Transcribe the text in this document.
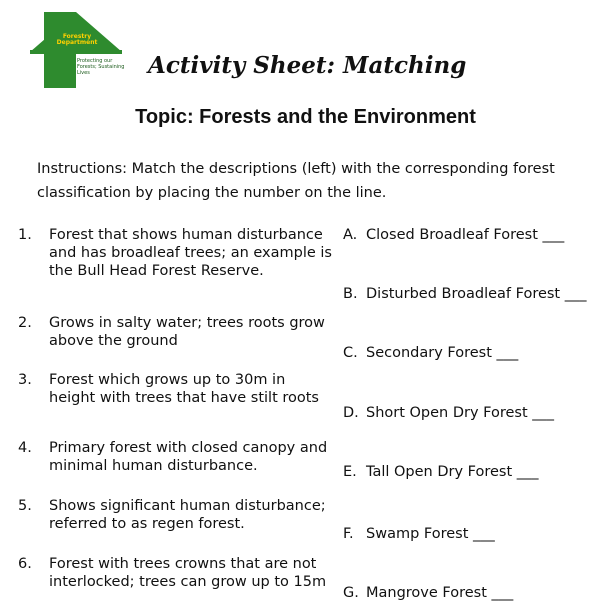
Forestry Department
Protecting our Forests; Sustaining Lives	Activity Sheet: Matching
Topic: Forests and the Environment

Instructions: Match the descriptions (left) with the corresponding forest classification by placing the number on the line.

1.	Forest that shows human disturbance and has broadleaf trees; an example is the Bull Head Forest Reserve.
2.	Grows in salty water; trees roots grow above the ground
3.	Forest which grows up to 30m in height with trees that have stilt roots
4.	Primary forest with closed canopy and minimal human disturbance.
5.	Shows significant human disturbance; referred to as regen forest.
6.	Forest with trees crowns that are not interlocked; trees can grow up to 15m
A. Closed Broadleaf Forest ___
B. Disturbed Broadleaf Forest ___
C. Secondary Forest ___
D. Short Open Dry Forest ___
E. Tall Open Dry Forest ___
F. Swamp Forest ___
G. Mangrove Forest ___
